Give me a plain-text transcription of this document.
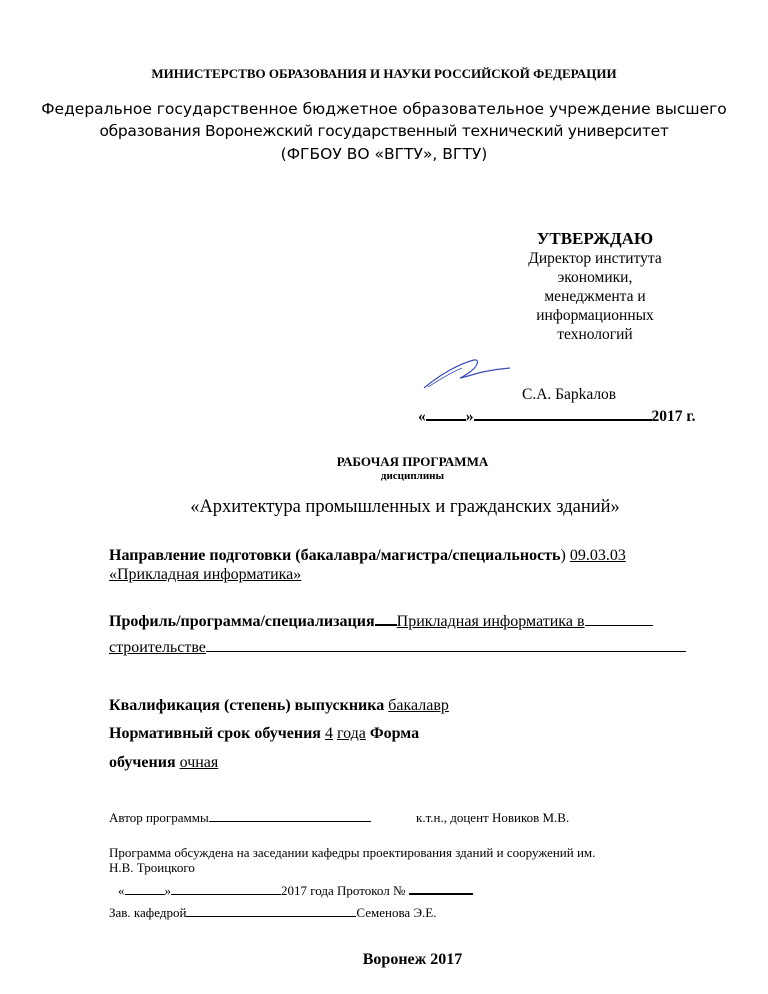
МИНИСТЕРСТВО ОБРАЗОВАНИЯ И НАУКИ РОССИЙСКОЙ ФЕДЕРАЦИИ
Федеральное государственное бюджетное образовательное учреждение высшего
образования Воронежский государственный технический университет
(ФГБОУ ВО «ВГТУ», ВГТУ)
УТВЕРЖДАЮ
Директор института
экономики,
менеджмента и
информационных
технологий
С.А. Барkaлов
«	»	2017 г.
РАБОЧАЯ ПРОГРАММА
дисциплины
«Архитектура промышленных и гражданских зданий»
Направление подготовки (бакалавра/магистра/специальность) 09.03.03
«Прикладная информатика»
Профиль/программа/специализация Прикладная информатика в
строительстве
Квалификация (степень) выпускника бакалавр
Нормативный срок обучения 4 года Форма
обучения очная
Автор программы	к.т.н., доцент Новиков М.В.
Программа обсуждена на заседании кафедры проектирования зданий и сооружений им.
Н.В. Троицкого
«	»	2017 года Протокол №
Зав. кафедрой	Семенова Э.Е.
Воронеж 2017
